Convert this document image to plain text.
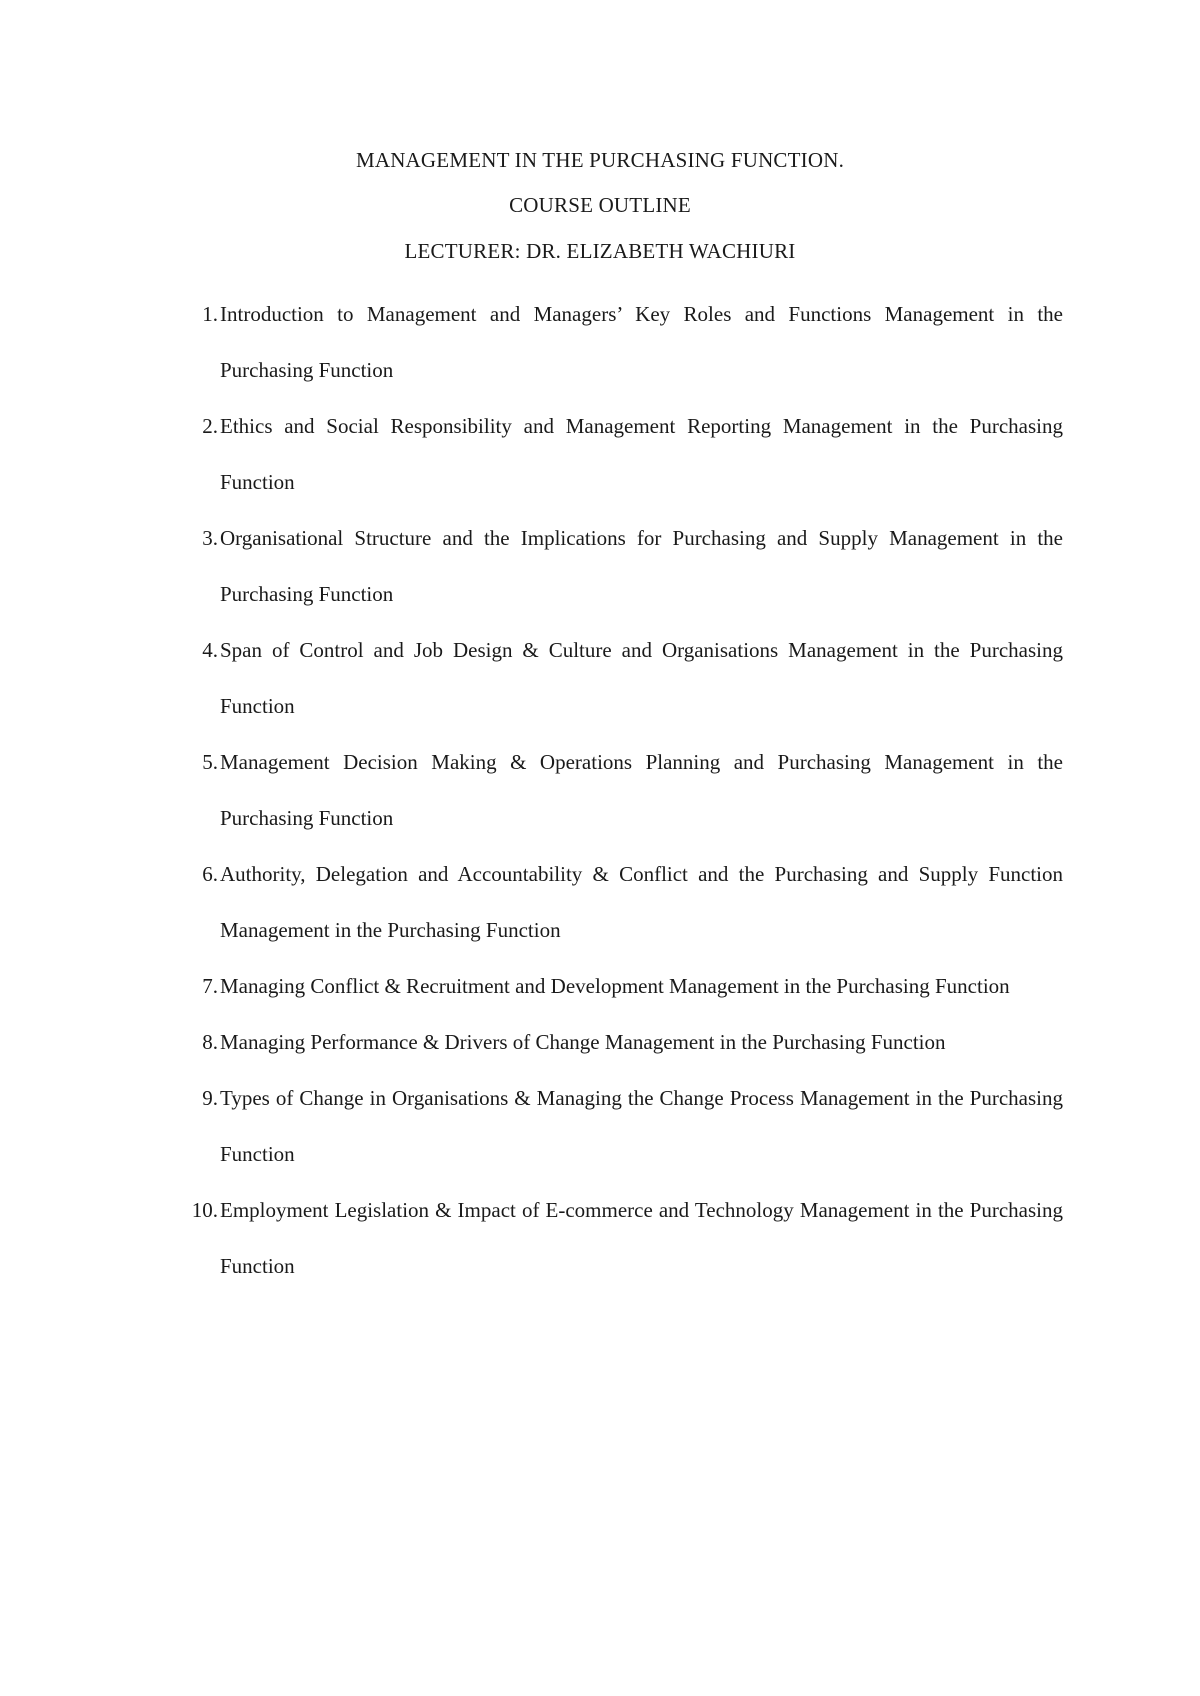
MANAGEMENT IN THE PURCHASING FUNCTION.
COURSE OUTLINE
LECTURER: DR. ELIZABETH WACHIURI
1. Introduction to Management and Managers’ Key Roles and Functions Management in the Purchasing Function
2. Ethics and Social Responsibility and Management Reporting Management in the Purchasing Function
3. Organisational Structure and the Implications for Purchasing and Supply Management in the Purchasing Function
4. Span of Control and Job Design & Culture and Organisations Management in the Purchasing Function
5. Management Decision Making & Operations Planning and Purchasing Management in the Purchasing Function
6. Authority, Delegation and Accountability & Conflict and the Purchasing and Supply Function Management in the Purchasing Function
7. Managing Conflict & Recruitment and Development Management in the Purchasing Function
8. Managing Performance & Drivers of Change Management in the Purchasing Function
9. Types of Change in Organisations & Managing the Change Process Management in the Purchasing Function
10. Employment Legislation & Impact of E-commerce and Technology Management in the Purchasing Function
